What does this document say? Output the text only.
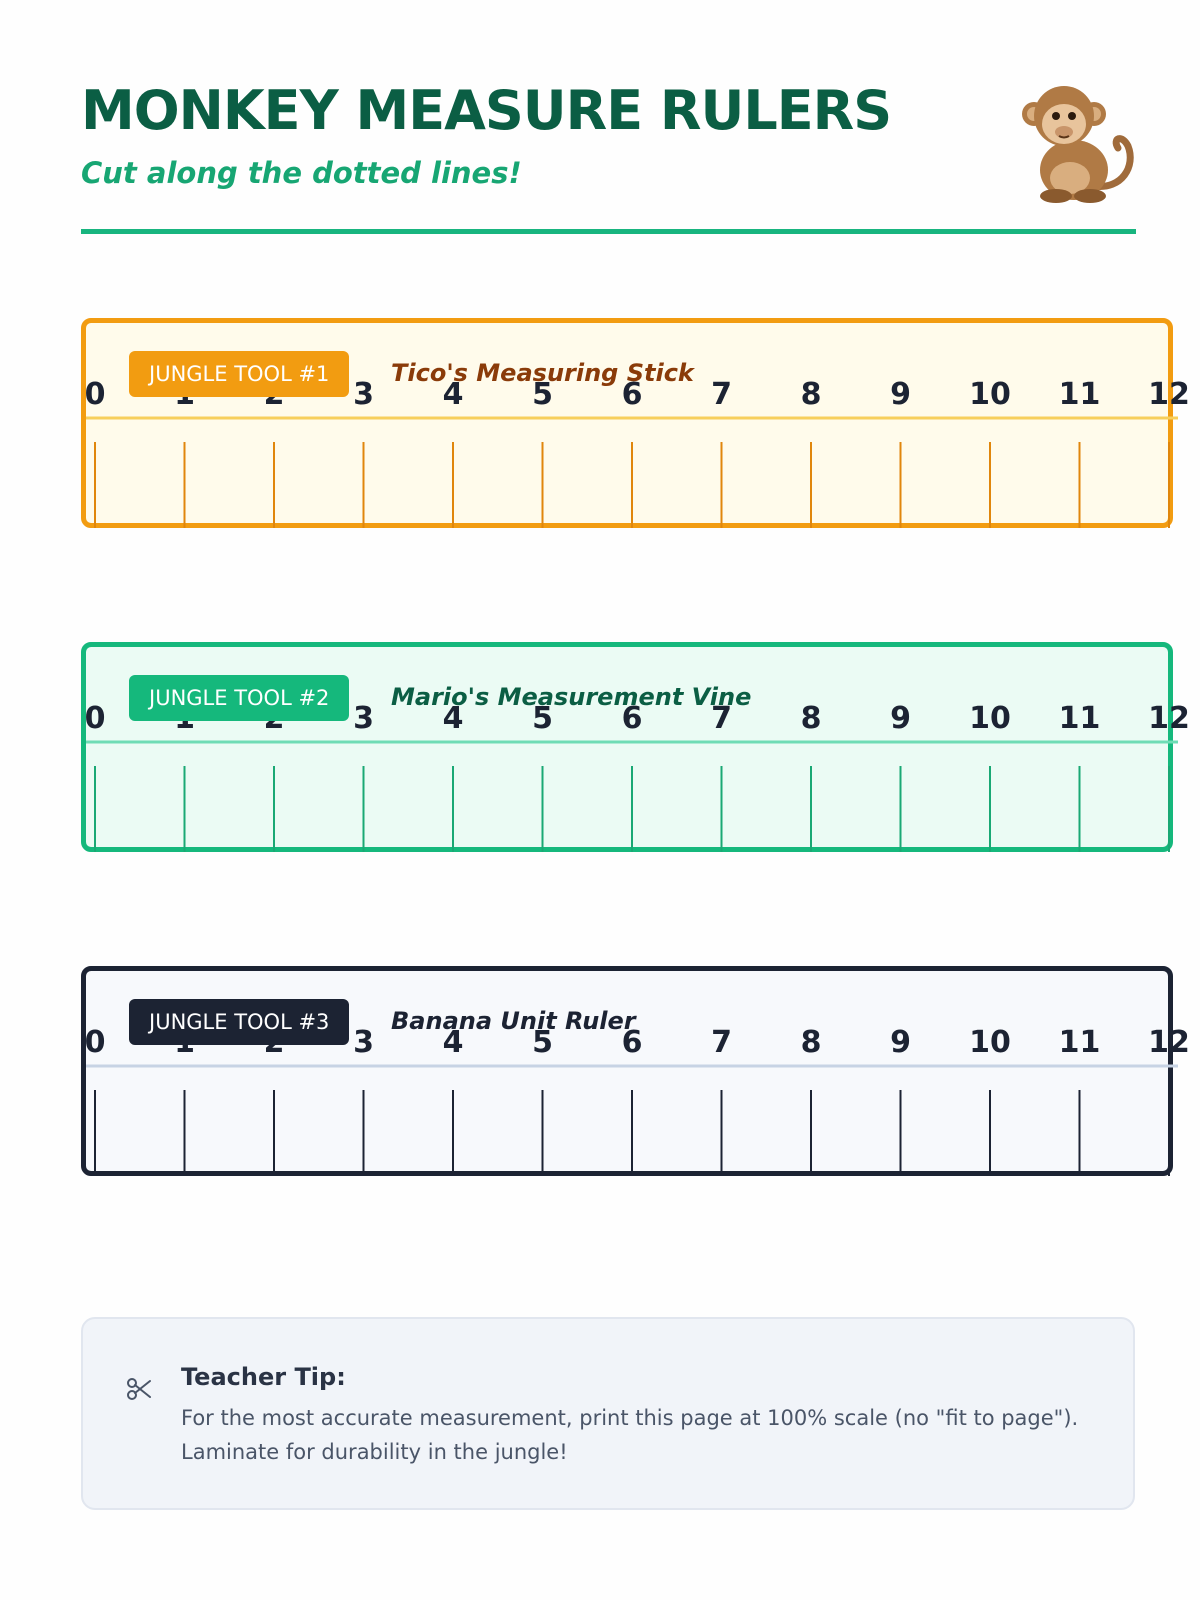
MONKEY MEASURE RULERS
Cut along the dotted lines!
0	3 4 5 6 7 8 9 10 11 12
JUNGLE TOOL #1	Tico's Measuring Stick
0	3 4 5 6 7 8 9 10 11 12
JUNGLE TOOL #2	Mario's Measurement Vine
0	3 4 5 6 7 8 9 10 11 12
JUNGLE TOOL #3	Banana Unit Ruler
Teacher Tip:
For the most accurate measurement, print this page at 100% scale (no "fit to page").
Laminate for durability in the jungle!
